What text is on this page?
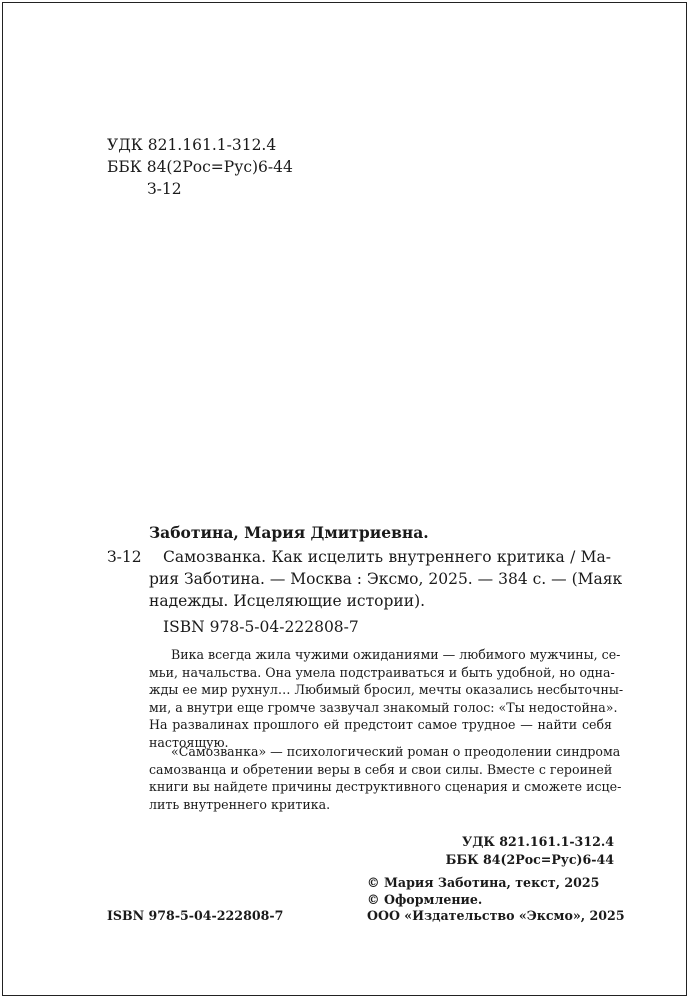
УДК 821.161.1-312.4
ББК 84(2Рос=Рус)6-44
З-12
Заботина, Мария Дмитриевна.
З-12 Самозванка. Как исцелить внутреннего критика / Ма-
рия Заботина. — Москва : Эксмо, 2025. — 384 с. — (Маяк
надежды. Исцеляющие истории).
ISBN 978-5-04-222808-7
Вика всегда жила чужими ожиданиями — любимого мужчины, се-
мьи, начальства. Она умела подстраиваться и быть удобной, но одна-
жды ее мир рухнул… Любимый бросил, мечты оказались несбыточны-
ми, а внутри еще громче зазвучал знакомый голос: «Ты недостойна».
На развалинах прошлого ей предстоит самое трудное — найти себя
настоящую.
«Самозванка» — психологический роман о преодолении синдрома
самозванца и обретении веры в себя и свои силы. Вместе с героиней
книги вы найдете причины деструктивного сценария и сможете исце-
лить внутреннего критика.
УДК 821.161.1-312.4
ББК 84(2Рос=Рус)6-44
ISBN 978-5-04-222808-7
© Мария Заботина, текст, 2025
© Оформление.
ООО «Издательство «Эксмо», 2025
